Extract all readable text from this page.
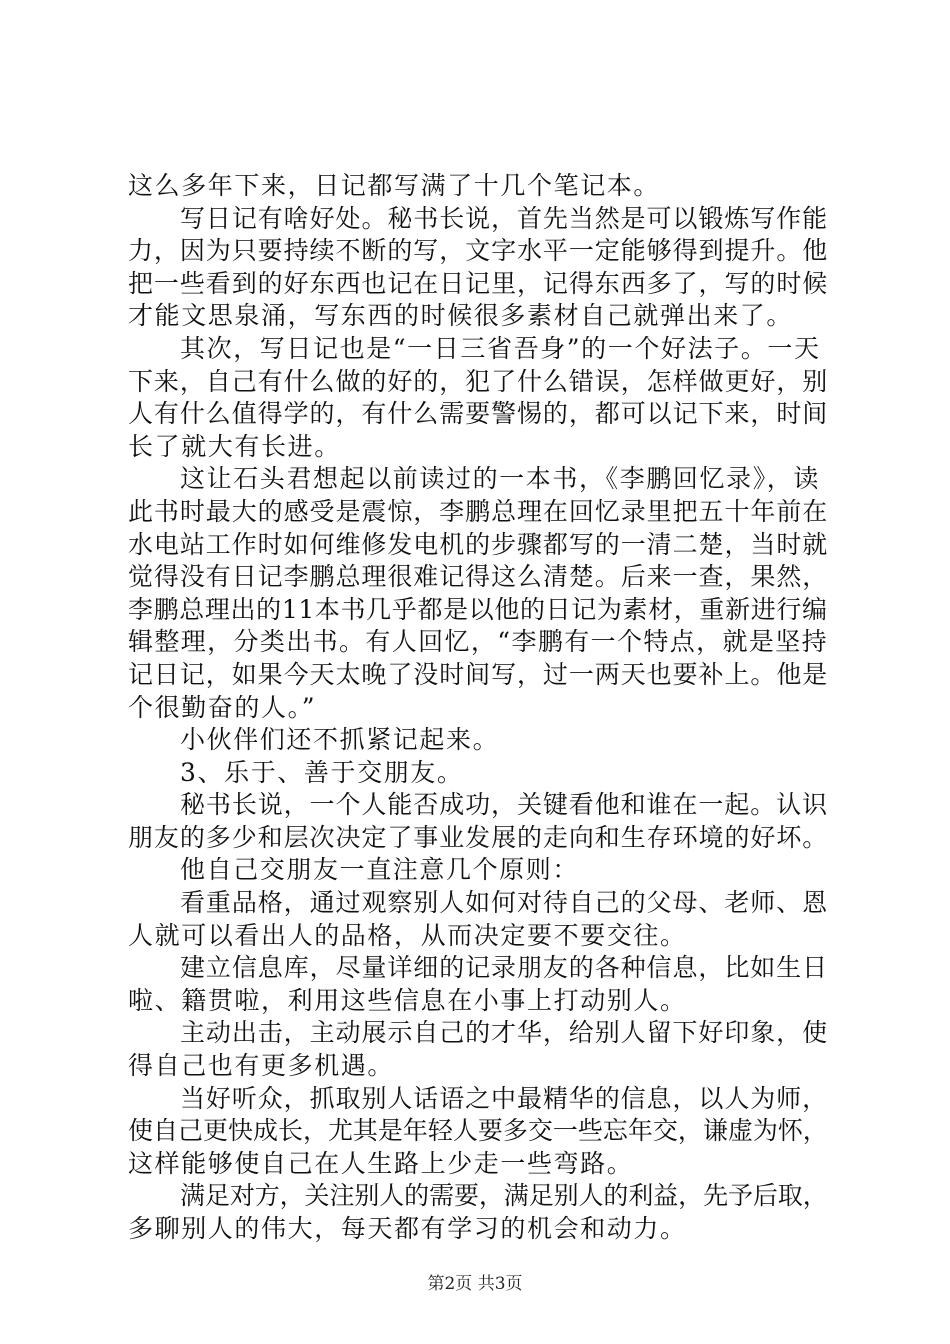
这么多年下来，日记都写满了十几个笔记本。
写日记有啥好处。秘书长说，首先当然是可以锻炼写作能
力，因为只要持续不断的写，文字水平一定能够得到提升。他
把一些看到的好东西也记在日记里，记得东西多了，写的时候
才能文思泉涌，写东西的时候很多素材自己就弹出来了。
其次，写日记也是“一日三省吾身”的一个好法子。一天
下来，自己有什么做的好的，犯了什么错误，怎样做更好，别
人有什么值得学的，有什么需要警惕的，都可以记下来，时间
长了就大有长进。
这让石头君想起以前读过的一本书，《李鹏回忆录》，读
此书时最大的感受是震惊，李鹏总理在回忆录里把五十年前在
水电站工作时如何维修发电机的步骤都写的一清二楚，当时就
觉得没有日记李鹏总理很难记得这么清楚。后来一查，果然，
李鹏总理出的11本书几乎都是以他的日记为素材，重新进行编
辑整理，分类出书。有人回忆，“李鹏有一个特点，就是坚持
记日记，如果今天太晚了没时间写，过一两天也要补上。他是
个很勤奋的人。”
小伙伴们还不抓紧记起来。
3、乐于、善于交朋友。
秘书长说，一个人能否成功，关键看他和谁在一起。认识
朋友的多少和层次决定了事业发展的走向和生存环境的好坏。
他自己交朋友一直注意几个原则：
看重品格，通过观察别人如何对待自己的父母、老师、恩
人就可以看出人的品格，从而决定要不要交往。
建立信息库，尽量详细的记录朋友的各种信息，比如生日
啦、籍贯啦，利用这些信息在小事上打动别人。
主动出击，主动展示自己的才华，给别人留下好印象，使
得自己也有更多机遇。
当好听众，抓取别人话语之中最精华的信息，以人为师，
使自己更快成长，尤其是年轻人要多交一些忘年交，谦虚为怀，
这样能够使自己在人生路上少走一些弯路。
满足对方，关注别人的需要，满足别人的利益，先予后取，
多聊别人的伟大，每天都有学习的机会和动力。
第2页 共3页
